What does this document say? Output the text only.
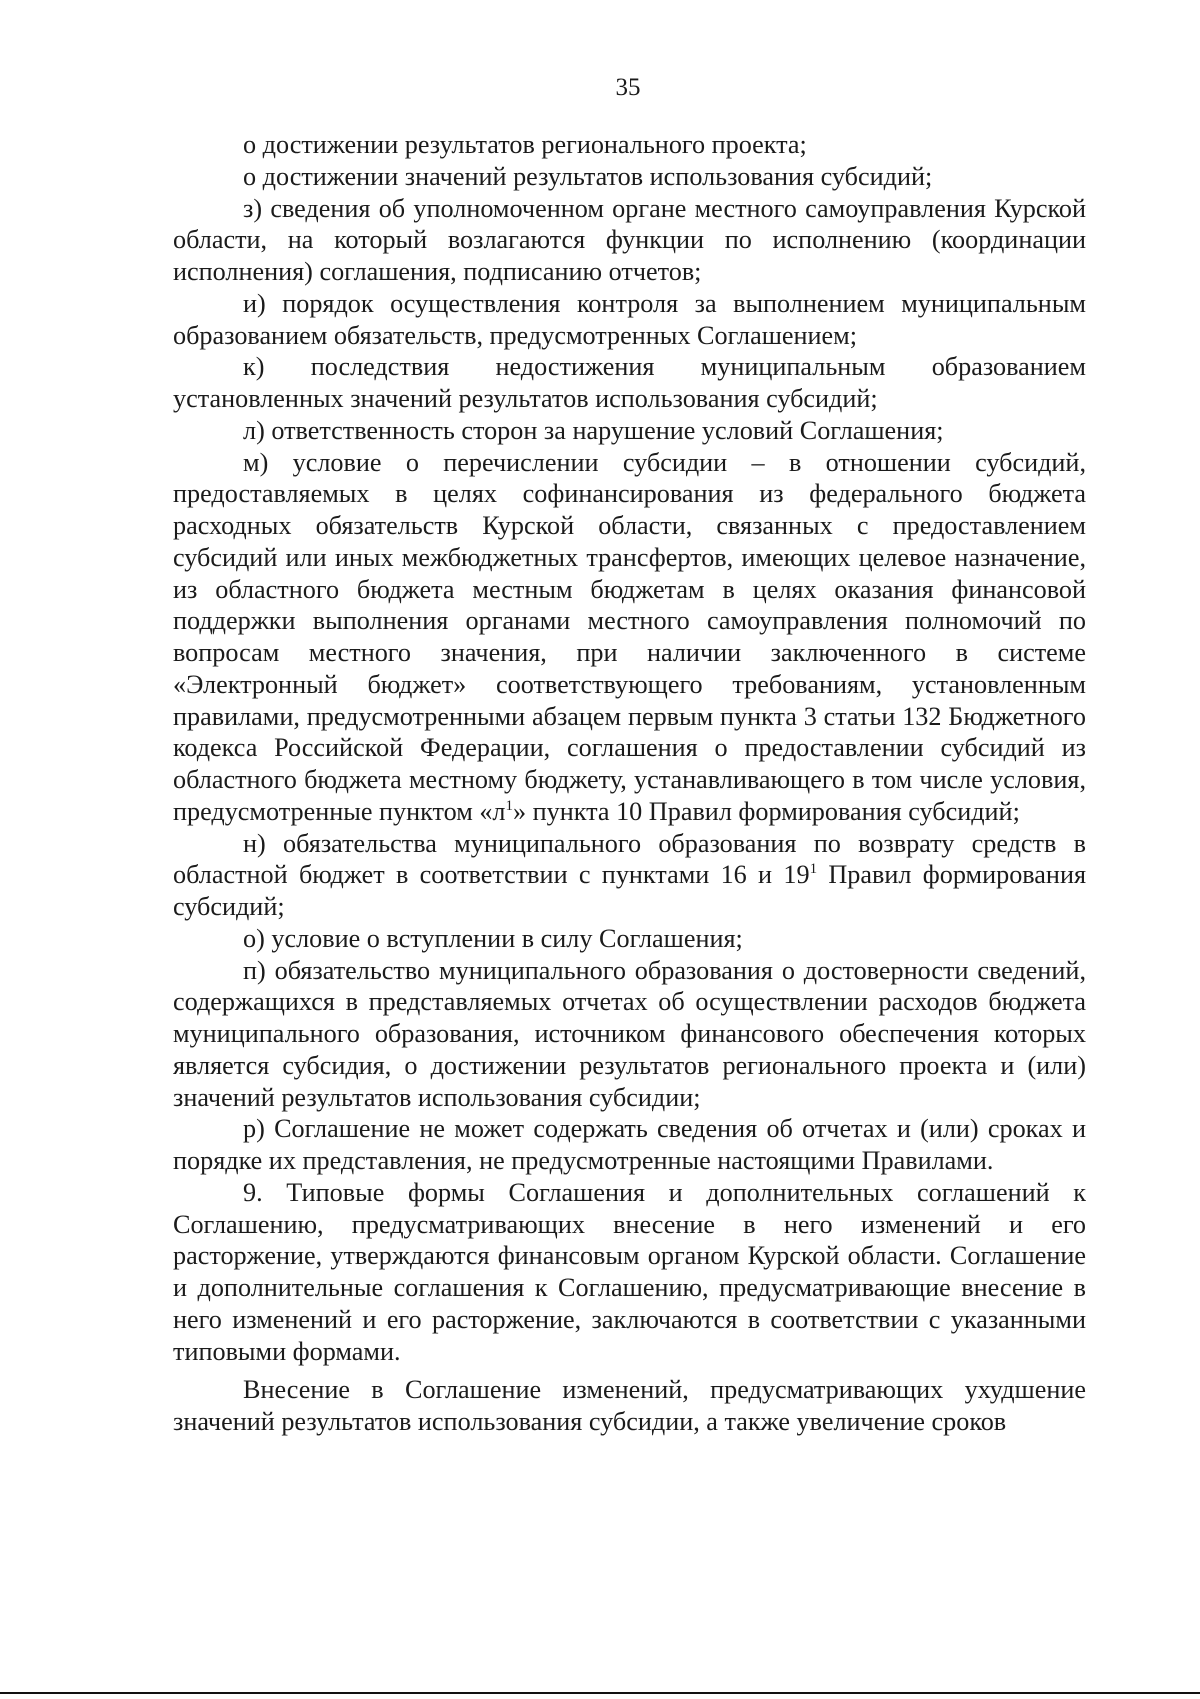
35

о достижении результатов регионального проекта;

о достижении значений результатов использования субсидий;

з) сведения об уполномоченном органе местного самоуправления Курской области, на который возлагаются функции по исполнению (координации исполнения) соглашения, подписанию отчетов;

и) порядок осуществления контроля за выполнением муниципальным образованием обязательств, предусмотренных Соглашением;

к) последствия недостижения муниципальным образованием установленных значений результатов использования субсидий;

л) ответственность сторон за нарушение условий Соглашения;

м) условие о перечислении субсидии – в отношении субсидий, предоставляемых в целях софинансирования из федерального бюджета расходных обязательств Курской области, связанных с предоставлением субсидий или иных межбюджетных трансфертов, имеющих целевое назначение, из областного бюджета местным бюджетам в целях оказания финансовой поддержки выполнения органами местного самоуправления полномочий по вопросам местного значения, при наличии заключенного в системе «Электронный бюджет» соответствующего требованиям, установленным правилами, предусмотренными абзацем первым пункта 3 статьи 132 Бюджетного кодекса Российской Федерации, соглашения о предоставлении субсидий из областного бюджета местному бюджету, устанавливающего в том числе условия, предусмотренные пунктом «$л^1$» пункта 10 Правил формирования субсидий;

н) обязательства муниципального образования по возврату средств в областной бюджет в соответствии с пунктами 16 и $19^1$ Правил формирования субсидий;

о) условие о вступлении в силу Соглашения;

п) обязательство муниципального образования о достоверности сведений, содержащихся в представляемых отчетах об осуществлении расходов бюджета муниципального образования, источником финансового обеспечения которых является субсидия, о достижении результатов регионального проекта и (или) значений результатов использования субсидии;

р) Соглашение не может содержать сведения об отчетах и (или) сроках и порядке их представления, не предусмотренные настоящими Правилами.

9. Типовые формы Соглашения и дополнительных соглашений к Соглашению, предусматривающих внесение в него изменений и его расторжение, утверждаются финансовым органом Курской области. Соглашение и дополнительные соглашения к Соглашению, предусматривающие внесение в него изменений и его расторжение, заключаются в соответствии с указанными типовыми формами.

Внесение в Соглашение изменений, предусматривающих ухудшение значений результатов использования субсидии, а также увеличение сроков
